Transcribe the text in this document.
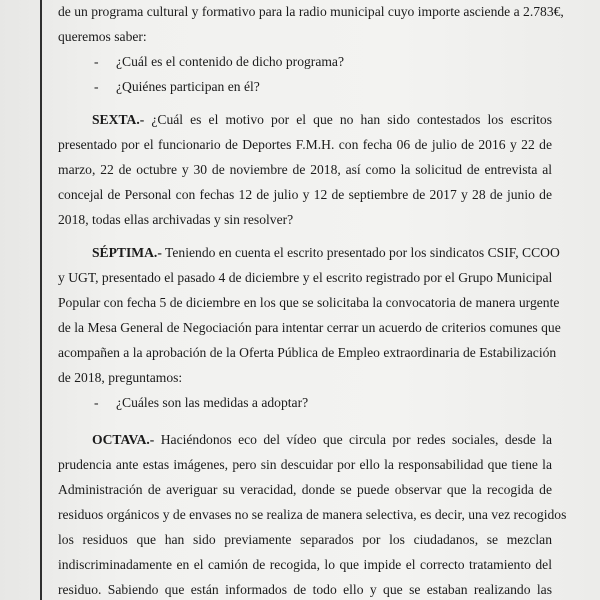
de un programa cultural y formativo para la radio municipal cuyo importe asciende a 2.783€,
queremos saber:
- ¿Cuál es el contenido de dicho programa?
- ¿Quiénes participan en él?
SEXTA.- ¿Cuál es el motivo por el que no han sido contestados los escritos
presentado por el funcionario de Deportes F.M.H. con fecha 06 de julio de 2016 y 22 de
marzo, 22 de octubre y 30 de noviembre de 2018, así como la solicitud de entrevista al
concejal de Personal con fechas 12 de julio y 12 de septiembre de 2017 y 28 de junio de
2018, todas ellas archivadas y sin resolver?
SÉPTIMA.- Teniendo en cuenta el escrito presentado por los sindicatos CSIF, CCOO
y UGT, presentado el pasado 4 de diciembre y el escrito registrado por el Grupo Municipal
Popular con fecha 5 de diciembre en los que se solicitaba la convocatoria de manera urgente
de la Mesa General de Negociación para intentar cerrar un acuerdo de criterios comunes que
acompañen a la aprobación de la Oferta Pública de Empleo extraordinaria de Estabilización
de 2018, preguntamos:
- ¿Cuáles son las medidas a adoptar?
OCTAVA.- Haciéndonos eco del vídeo que circula por redes sociales, desde la
prudencia ante estas imágenes, pero sin descuidar por ello la responsabilidad que tiene la
Administración de averiguar su veracidad, donde se puede observar que la recogida de
residuos orgánicos y de envases no se realiza de manera selectiva, es decir, una vez recogidos
los residuos que han sido previamente separados por los ciudadanos, se mezclan
indiscriminadamente en el camión de recogida, lo que impide el correcto tratamiento del
residuo. Sabiendo que están informados de todo ello y que se estaban realizando las
